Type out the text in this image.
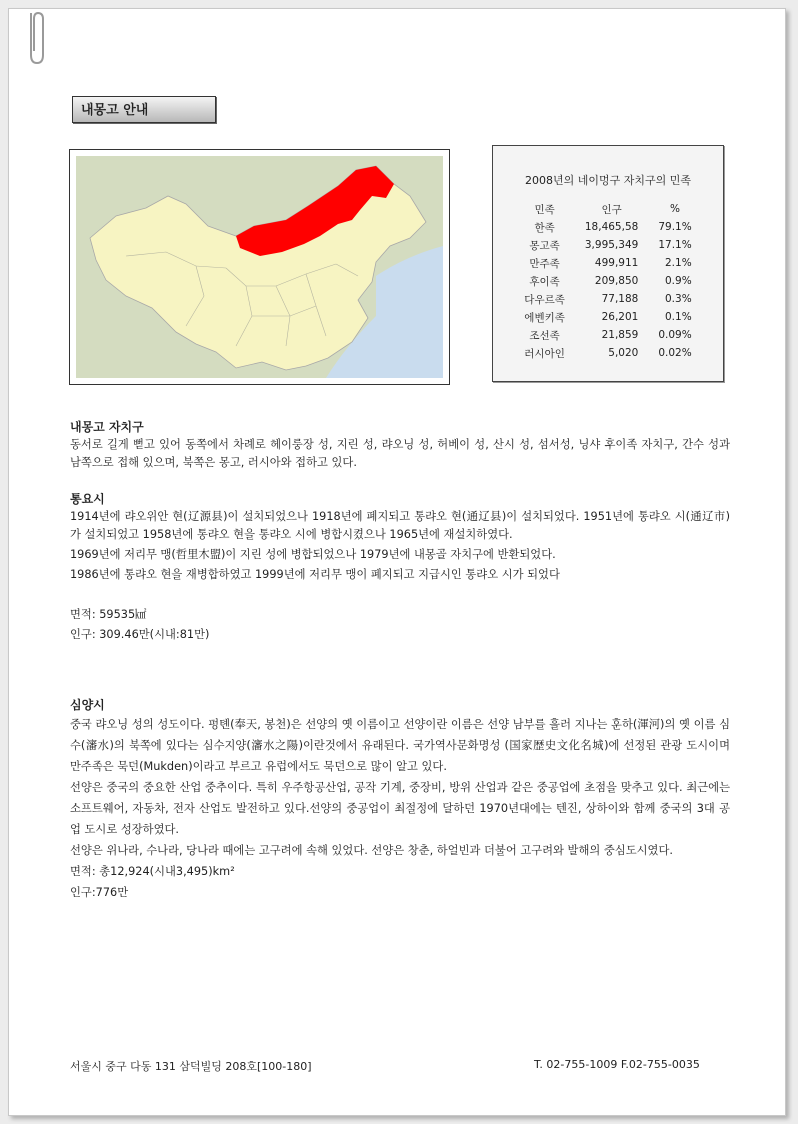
내몽고 안내
2008년의 네이멍구 자치구의 민족
민족	인구	%
한족	18,465,58	79.1%
몽고족	3,995,349	17.1%
만주족	499,911	2.1%
후이족	209,850	0.9%
다우르족	77,188	0.3%
에벤키족	26,201	0.1%
조선족	21,859	0.09%
러시아인	5,020	0.02%
내몽고 자치구
동서로 길게 뻗고 있어 동쪽에서 차례로 헤이룽장 성, 지린 성, 랴오닝 성, 허베이 성, 산시 성, 섬서성, 닝샤 후이족 자치구, 간수 성과 남쪽으로 접해 있으며, 북쪽은 몽고, 러시아와 접하고 있다.
통요시
1914년에 랴오위안 현(辽源县)이 설치되었으나 1918년에 폐지되고 통랴오 현(通辽县)이 설치되었다. 1951년에 통랴오 시(通辽市)가 설치되었고 1958년에 통랴오 현을 통랴오 시에 병합시켰으나 1965년에 재설치하였다.
1969년에 저리무 맹(哲里木盟)이 지린 성에 병합되었으나 1979년에 내몽골 자치구에 반환되었다.
1986년에 통랴오 현을 재병합하였고 1999년에 저리무 맹이 폐지되고 지급시인 통랴오 시가 되었다
면적: 59535㎢
인구: 309.46만(시내:81만)
심양시
중국 랴오닝 성의 성도이다. 펑톈(奉天, 봉천)은 선양의 옛 이름이고 선양이란 이름은 선양 남부를 흘러 지나는 훈하(渾河)의 옛 이름 심수(瀋水)의 북쪽에 있다는 심수지양(瀋水之陽)이란것에서 유래된다. 국가역사문화명성 (国家歴史文化名城)에 선정된 관광 도시이며 만주족은 묵던(Mukden)이라고 부르고 유럽에서도 묵던으로 많이 알고 있다.
선양은 중국의 중요한 산업 중추이다. 특히 우주항공산업, 공작 기계, 중장비, 방위 산업과 같은 중공업에 초점을 맞추고 있다. 최근에는 소프트웨어, 자동차, 전자 산업도 발전하고 있다.선양의 중공업이 최절정에 달하던 1970년대에는 텐진, 상하이와 함께 중국의 3대 공업 도시로 성장하였다.
선양은 위나라, 수나라, 당나라 때에는 고구려에 속해 있었다. 선양은 창춘, 하얼빈과 더불어 고구려와 발해의 중심도시였다.
면적: 총12,924(시내3,495)km²
인구:776만
서울시 중구 다동 131 삼덕빌딩 208호[100-180]	T. 02-755-1009 F.02-755-0035
